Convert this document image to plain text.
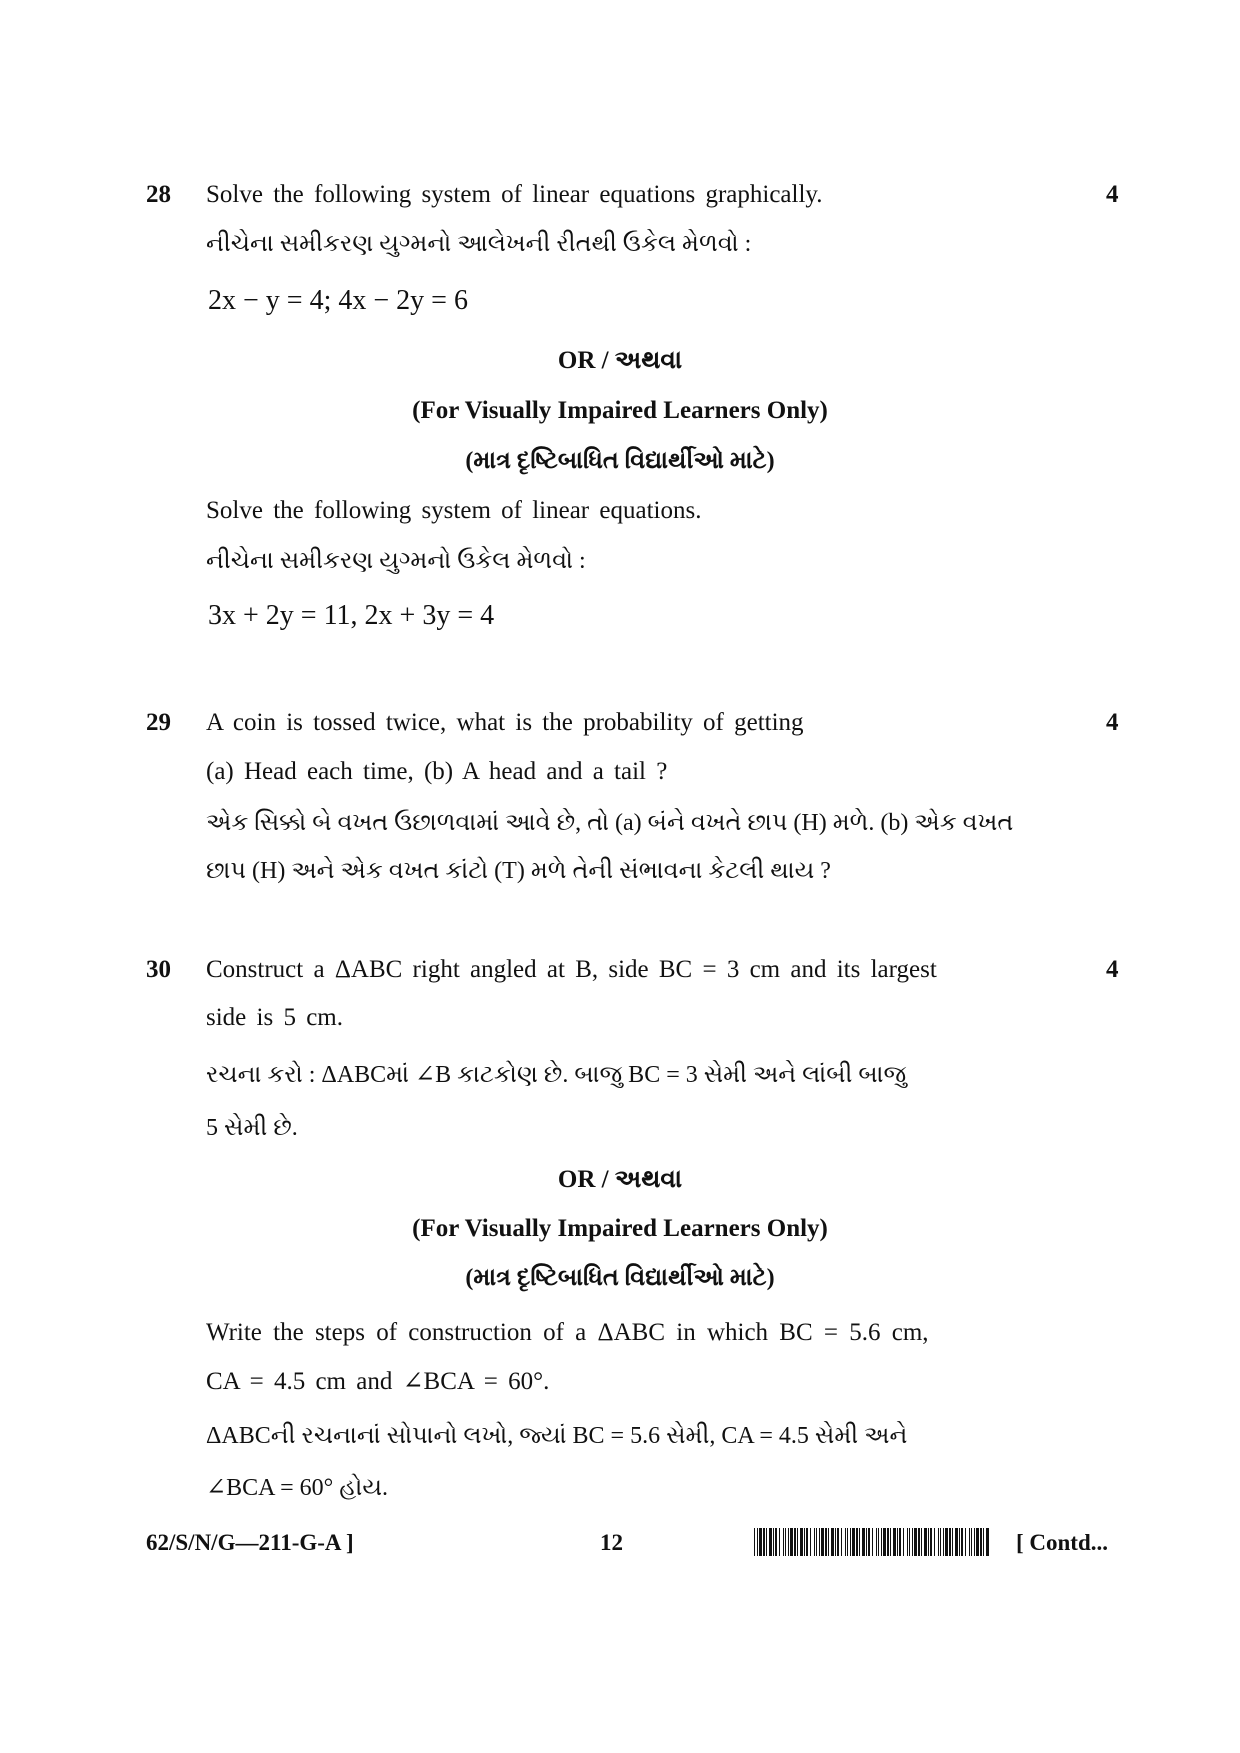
28 Solve the following system of linear equations graphically.	4
નીચેના સમીકરણ યુગ્મનો આલેખની રીતથી ઉકેલ મેળવો :
2x − y = 4; 4x − 2y = 6
OR / અથવા
(For Visually Impaired Learners Only)
(માત્ર દૃષ્ટિબાધિત વિદ્યાર્થીઓ માટે)
Solve the following system of linear equations.
નીચેના સમીકરણ યુગ્મનો ઉકેલ મેળવો :
3x + 2y = 11, 2x + 3y = 4
29 A coin is tossed twice, what is the probability of getting	4
(a) Head each time, (b) A head and a tail ?
એક સિક્કો બે વખત ઉછાળવામાં આવે છે, તો (a) બંને વખતે છાપ (H) મળે. (b) એક વખત
છાપ (H) અને એક વખત કાંટો (T) મળે તેની સંભાવના કેટલી થાય ?
30 Construct a ΔABC right angled at B, side BC = 3 cm and its largest	4
side is 5 cm.
રચના કરો : ΔABCમાં ∠B કાટકોણ છે. બાજુ BC = 3 સેમી અને લાંબી બાજુ
5 સેમી છે.
OR / અથવા
(For Visually Impaired Learners Only)
(માત્ર દૃષ્ટિબાધિત વિદ્યાર્થીઓ માટે)
Write the steps of construction of a ΔABC in which BC = 5.6 cm,
CA = 4.5 cm and ∠BCA = 60°.
ΔABCની રચનાનાં સોપાનો લખો, જ્યાં BC = 5.6 સેમી, CA = 4.5 સેમી અને
∠BCA = 60° હોય.
62/S/N/G—211-G-A ]	12	[ Contd...
